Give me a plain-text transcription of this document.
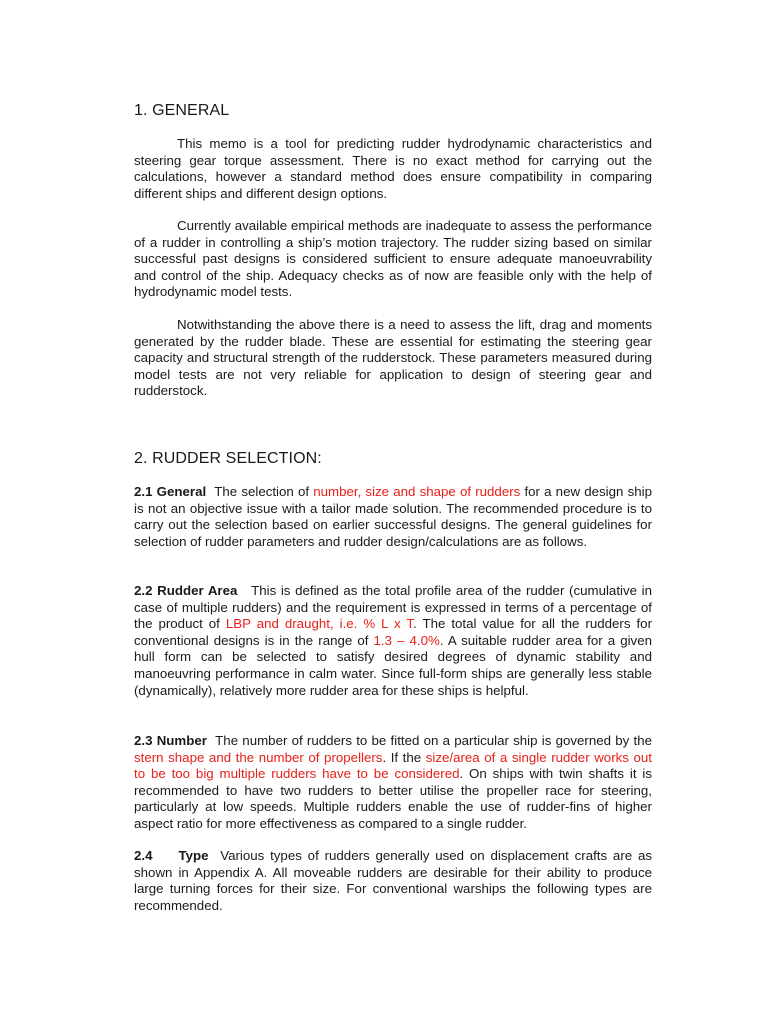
1. GENERAL

This memo is a tool for predicting rudder hydrodynamic characteristics and steering gear torque assessment. There is no exact method for carrying out the calculations, however a standard method does ensure compatibility in comparing different ships and different design options.

Currently available empirical methods are inadequate to assess the performance of a rudder in controlling a ship’s motion trajectory. The rudder sizing based on similar successful past designs is considered sufficient to ensure adequate manoeuvrability and control of the ship. Adequacy checks as of now are feasible only with the help of hydrodynamic model tests.

Notwithstanding the above there is a need to assess the lift, drag and moments generated by the rudder blade. These are essential for estimating the steering gear capacity and structural strength of the rudderstock. These parameters measured during model tests are not very reliable for application to design of steering gear and rudderstock.

2. RUDDER SELECTION:

2.1 General The selection of number, size and shape of rudders for a new design ship is not an objective issue with a tailor made solution. The recommended procedure is to carry out the selection based on earlier successful designs. The general guidelines for selection of rudder parameters and rudder design/calculations are as follows.

2.2 Rudder Area This is defined as the total profile area of the rudder (cumulative in case of multiple rudders) and the requirement is expressed in terms of a percentage of the product of LBP and draught, i.e. % L x T. The total value for all the rudders for conventional designs is in the range of 1.3 – 4.0%. A suitable rudder area for a given hull form can be selected to satisfy desired degrees of dynamic stability and manoeuvring performance in calm water. Since full-form ships are generally less stable (dynamically), relatively more rudder area for these ships is helpful.

2.3 Number The number of rudders to be fitted on a particular ship is governed by the stern shape and the number of propellers. If the size/area of a single rudder works out to be too big multiple rudders have to be considered. On ships with twin shafts it is recommended to have two rudders to better utilise the propeller race for steering, particularly at low speeds. Multiple rudders enable the use of rudder-fins of higher aspect ratio for more effectiveness as compared to a single rudder.

2.4 Type Various types of rudders generally used on displacement crafts are as shown in Appendix A. All moveable rudders are desirable for their ability to produce large turning forces for their size. For conventional warships the following types are recommended.
